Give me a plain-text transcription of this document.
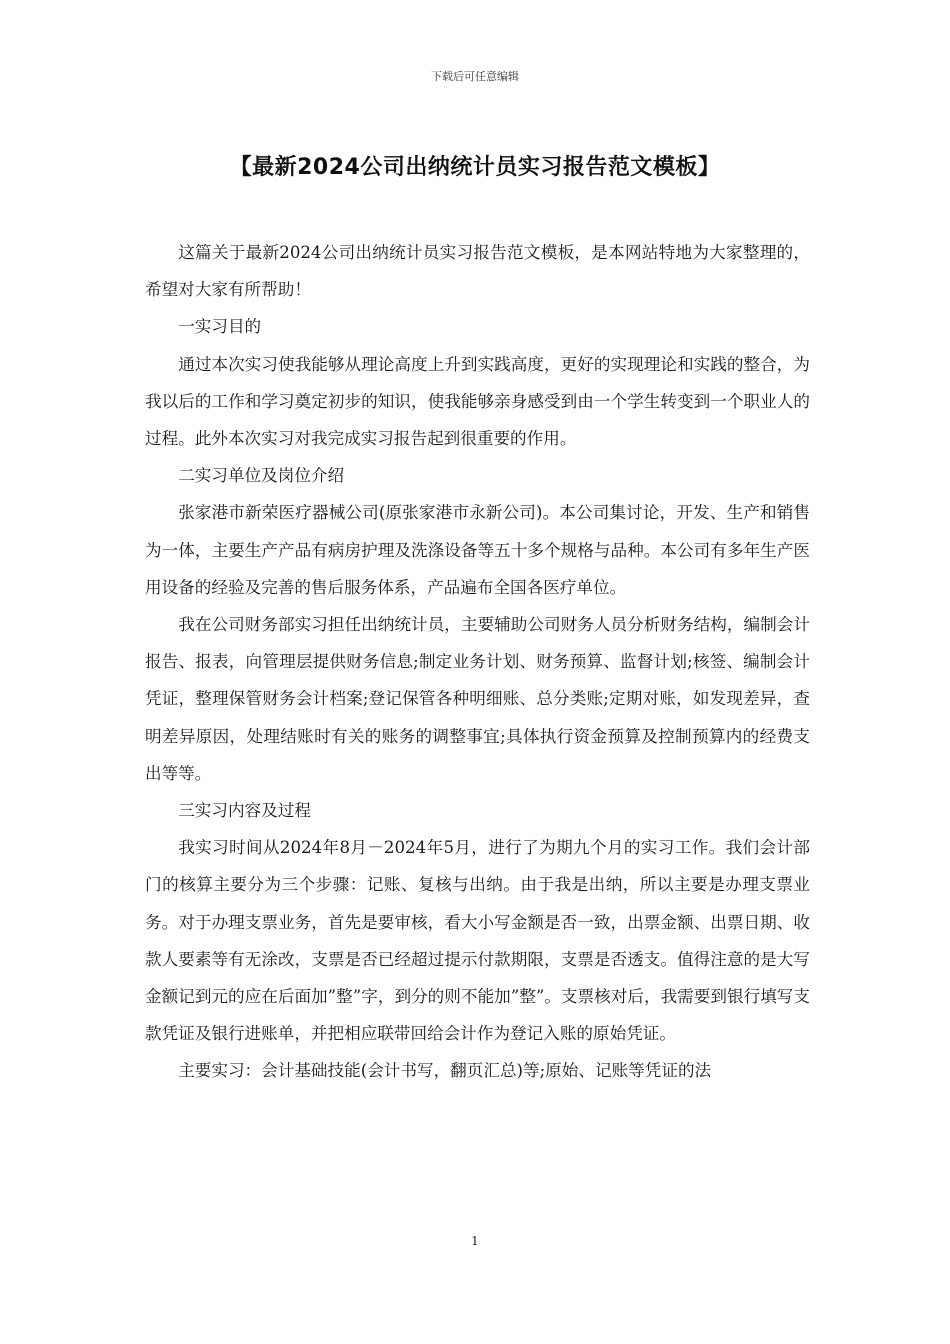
下载后可任意编辑
【最新2024公司出纳统计员实习报告范文模板】

这篇关于最新2024公司出纳统计员实习报告范文模板，是本网站特地为大家整理的，希望对大家有所帮助！

一实习目的

通过本次实习使我能够从理论高度上升到实践高度，更好的实现理论和实践的整合，为我以后的工作和学习奠定初步的知识，使我能够亲身感受到由一个学生转变到一个职业人的过程。此外本次实习对我完成实习报告起到很重要的作用。

二实习单位及岗位介绍

张家港市新荣医疗器械公司(原张家港市永新公司)。本公司集讨论，开发、生产和销售为一体，主要生产产品有病房护理及洗涤设备等五十多个规格与品种。本公司有多年生产医用设备的经验及完善的售后服务体系，产品遍布全国各医疗单位。

我在公司财务部实习担任出纳统计员，主要辅助公司财务人员分析财务结构，编制会计报告、报表，向管理层提供财务信息;制定业务计划、财务预算、监督计划;核签、编制会计凭证，整理保管财务会计档案;登记保管各种明细账、总分类账;定期对账，如发现差异，查明差异原因，处理结账时有关的账务的调整事宜;具体执行资金预算及控制预算内的经费支出等等。

三实习内容及过程

我实习时间从2024年8月－2024年5月，进行了为期九个月的实习工作。我们会计部门的核算主要分为三个步骤：记账、复核与出纳。由于我是出纳，所以主要是办理支票业务。对于办理支票业务，首先是要审核，看大小写金额是否一致，出票金额、出票日期、收款人要素等有无涂改，支票是否已经超过提示付款期限，支票是否透支。值得注意的是大写金额记到元的应在后面加”整”字，到分的则不能加”整”。支票核对后，我需要到银行填写支款凭证及银行进账单，并把相应联带回给会计作为登记入账的原始凭证。

主要实习：会计基础技能(会计书写，翻页汇总)等;原始、记账等凭证的法

1
